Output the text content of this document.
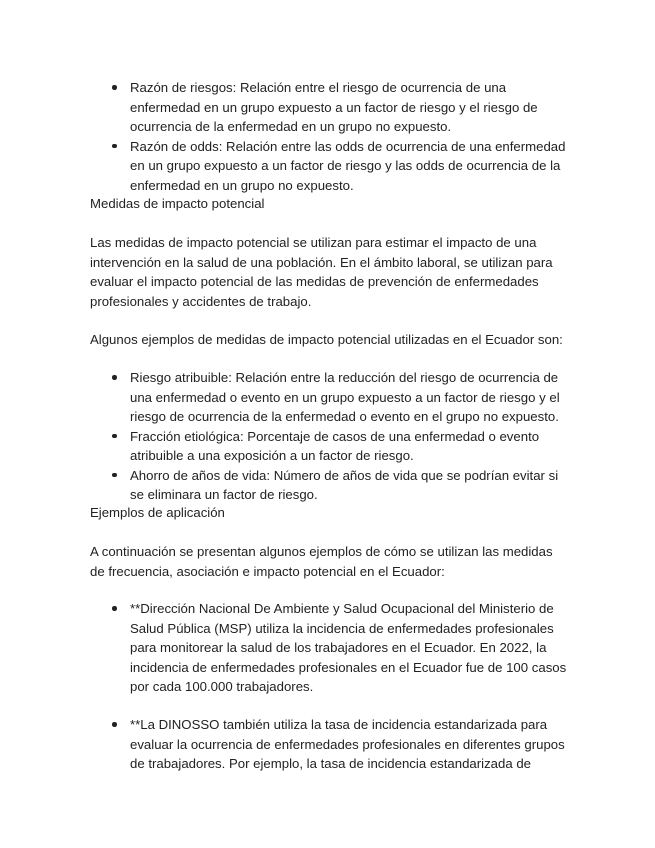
Razón de riesgos: Relación entre el riesgo de ocurrencia de una enfermedad en un grupo expuesto a un factor de riesgo y el riesgo de ocurrencia de la enfermedad en un grupo no expuesto.
Razón de odds: Relación entre las odds de ocurrencia de una enfermedad en un grupo expuesto a un factor de riesgo y las odds de ocurrencia de la enfermedad en un grupo no expuesto.

Medidas de impacto potencial

Las medidas de impacto potencial se utilizan para estimar el impacto de una intervención en la salud de una población. En el ámbito laboral, se utilizan para evaluar el impacto potencial de las medidas de prevención de enfermedades profesionales y accidentes de trabajo.

Algunos ejemplos de medidas de impacto potencial utilizadas en el Ecuador son:

Riesgo atribuible: Relación entre la reducción del riesgo de ocurrencia de una enfermedad o evento en un grupo expuesto a un factor de riesgo y el riesgo de ocurrencia de la enfermedad o evento en el grupo no expuesto.
Fracción etiológica: Porcentaje de casos de una enfermedad o evento atribuible a una exposición a un factor de riesgo.
Ahorro de años de vida: Número de años de vida que se podrían evitar si se eliminara un factor de riesgo.

Ejemplos de aplicación

A continuación se presentan algunos ejemplos de cómo se utilizan las medidas de frecuencia, asociación e impacto potencial en el Ecuador:

**Dirección Nacional De Ambiente y Salud Ocupacional del Ministerio de Salud Pública (MSP) utiliza la incidencia de enfermedades profesionales para monitorear la salud de los trabajadores en el Ecuador. En 2022, la incidencia de enfermedades profesionales en el Ecuador fue de 100 casos por cada 100.000 trabajadores.
**La DINOSSO también utiliza la tasa de incidencia estandarizada para evaluar la ocurrencia de enfermedades profesionales en diferentes grupos de trabajadores. Por ejemplo, la tasa de incidencia estandarizada de
